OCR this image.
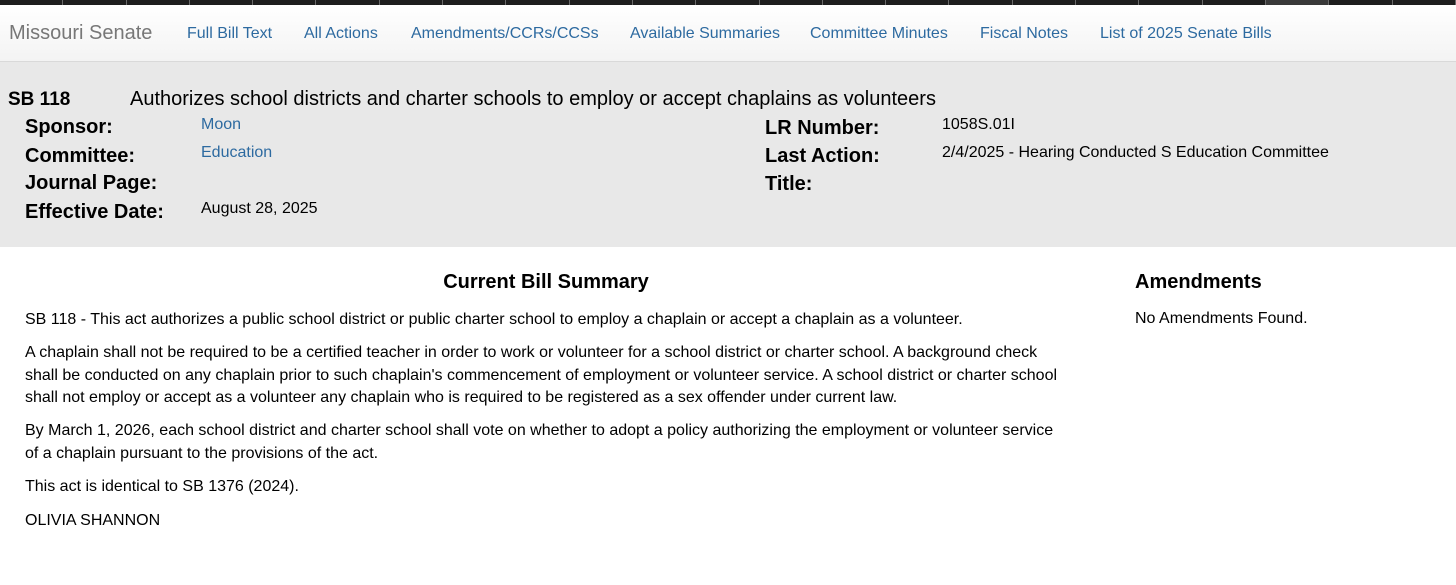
Missouri Senate Full Bill Text All Actions Amendments/CCRs/CCSs Available Summaries Committee Minutes Fiscal Notes List of 2025 Senate Bills
SB 118	Authorizes school districts and charter schools to employ or accept chaplains as volunteers
Sponsor:	Moon
Committee:	Education
Journal Page:
Effective Date: August 28, 2025
LR Number:	1058S.01I
Last Action:	2/4/2025 - Hearing Conducted S Education Committee
Title:
Current Bill Summary

SB 118 - This act authorizes a public school district or public charter school to employ a chaplain or accept a chaplain as a volunteer.

A chaplain shall not be required to be a certified teacher in order to work or volunteer for a school district or charter school. A background check shall be conducted on any chaplain prior to such chaplain's commencement of employment or volunteer service. A school district or charter school shall not employ or accept as a volunteer any chaplain who is required to be registered as a sex offender under current law.

By March 1, 2026, each school district and charter school shall vote on whether to adopt a policy authorizing the employment or volunteer service of a chaplain pursuant to the provisions of the act.

This act is identical to SB 1376 (2024).

OLIVIA SHANNON

Amendments
No Amendments Found.
